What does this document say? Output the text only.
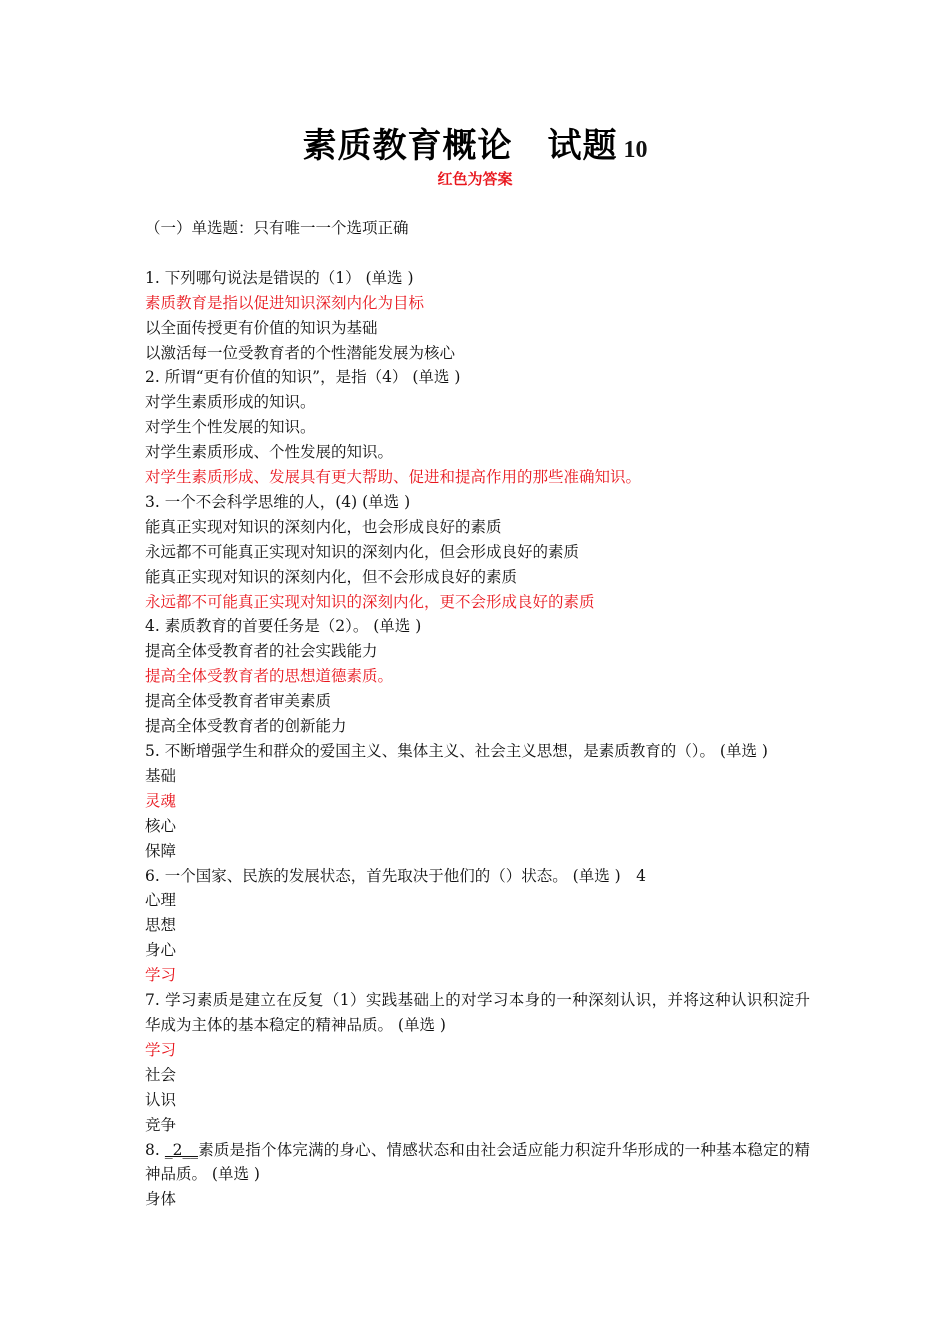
素质教育概论　试题 10
红色为答案
（一）单选题：只有唯一一个选项正确
1. 下列哪句说法是错误的（1） (单选 )
素质教育是指以促进知识深刻内化为目标
以全面传授更有价值的知识为基础
以激活每一位受教育者的个性潜能发展为核心
2. 所谓“更有价值的知识”，是指（4） (单选 )
对学生素质形成的知识。
对学生个性发展的知识。
对学生素质形成、个性发展的知识。
对学生素质形成、发展具有更大帮助、促进和提高作用的那些准确知识。
3. 一个不会科学思维的人，(4) (单选 )
能真正实现对知识的深刻内化，也会形成良好的素质
永远都不可能真正实现对知识的深刻内化，但会形成良好的素质
能真正实现对知识的深刻内化，但不会形成良好的素质
永远都不可能真正实现对知识的深刻内化，更不会形成良好的素质
4. 素质教育的首要任务是（2）。 (单选 )
提高全体受教育者的社会实践能力
提高全体受教育者的思想道德素质。
提高全体受教育者审美素质
提高全体受教育者的创新能力
5. 不断增强学生和群众的爱国主义、集体主义、社会主义思想，是素质教育的（）。 (单选 )
基础
灵魂
核心
保障
6. 一个国家、民族的发展状态，首先取决于他们的（）状态。 (单选 )　4
心理
思想
身心
学习
7. 学习素质是建立在反复（1）实践基础上的对学习本身的一种深刻认识，并将这种认识积淀升华成为主体的基本稳定的精神品质。 (单选 )
学习
社会
认识
竞争
8. _2__素质是指个体完满的身心、情感状态和由社会适应能力积淀升华形成的一种基本稳定的精神品质。 (单选 )
身体
